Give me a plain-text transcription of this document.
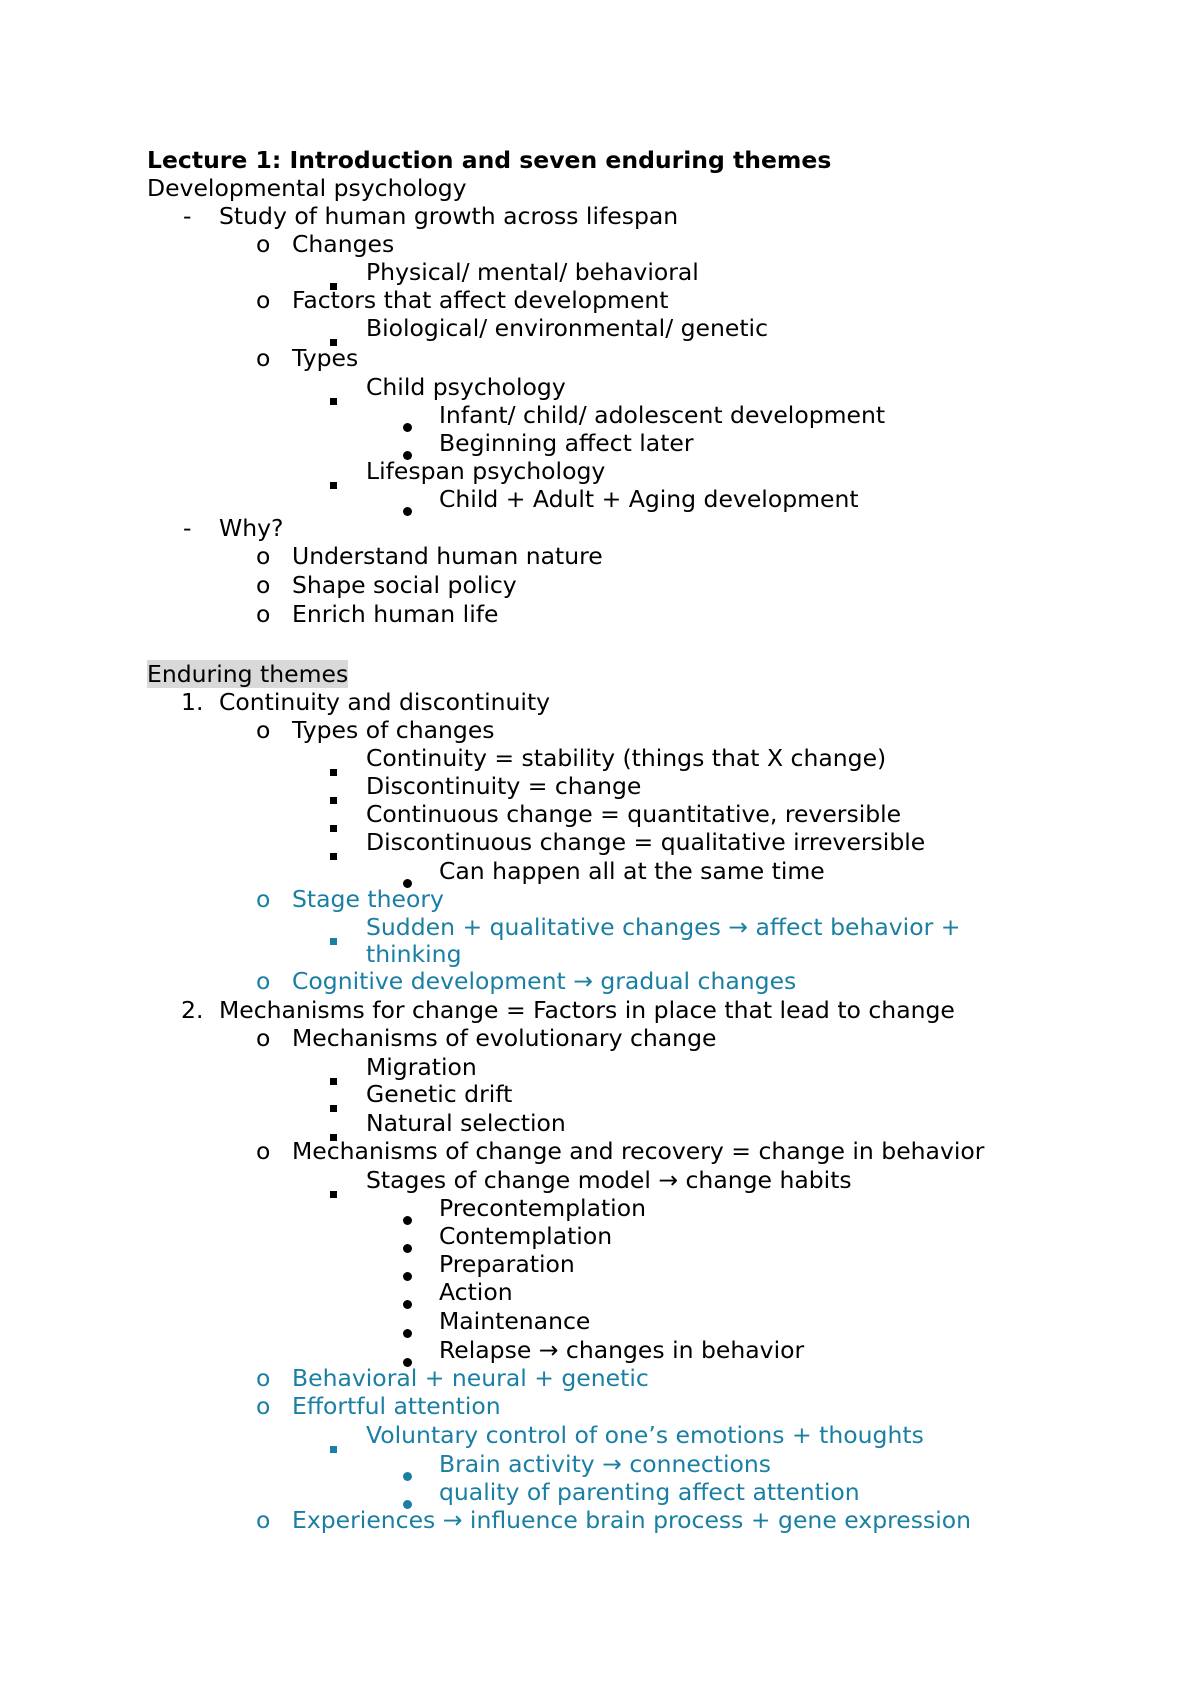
Lecture 1: Introduction and seven enduring themes
Developmental psychology
- Study of human growth across lifespan
o Changes
Physical/ mental/ behavioral
o Factors that affect development
Biological/ environmental/ genetic
o Types
Child psychology
Infant/ child/ adolescent development
Beginning affect later
Lifespan psychology
Child + Adult + Aging development
- Why?
o Understand human nature
o Shape social policy
o Enrich human life
Enduring themes
1. Continuity and discontinuity
o Types of changes
Continuity = stability (things that X change)
Discontinuity = change
Continuous change = quantitative, reversible
Discontinuous change = qualitative irreversible
Can happen all at the same time
o Stage theory
Sudden + qualitative changes → affect behavior +
thinking
o Cognitive development → gradual changes
2. Mechanisms for change = Factors in place that lead to change
o Mechanisms of evolutionary change
Migration
Genetic drift
Natural selection
o Mechanisms of change and recovery = change in behavior
Stages of change model → change habits
Precontemplation
Contemplation
Preparation
Action
Maintenance
Relapse → changes in behavior
o Behavioral + neural + genetic
o Effortful attention
Voluntary control of one’s emotions + thoughts
Brain activity → connections
quality of parenting affect attention
o Experiences → influence brain process + gene expression
